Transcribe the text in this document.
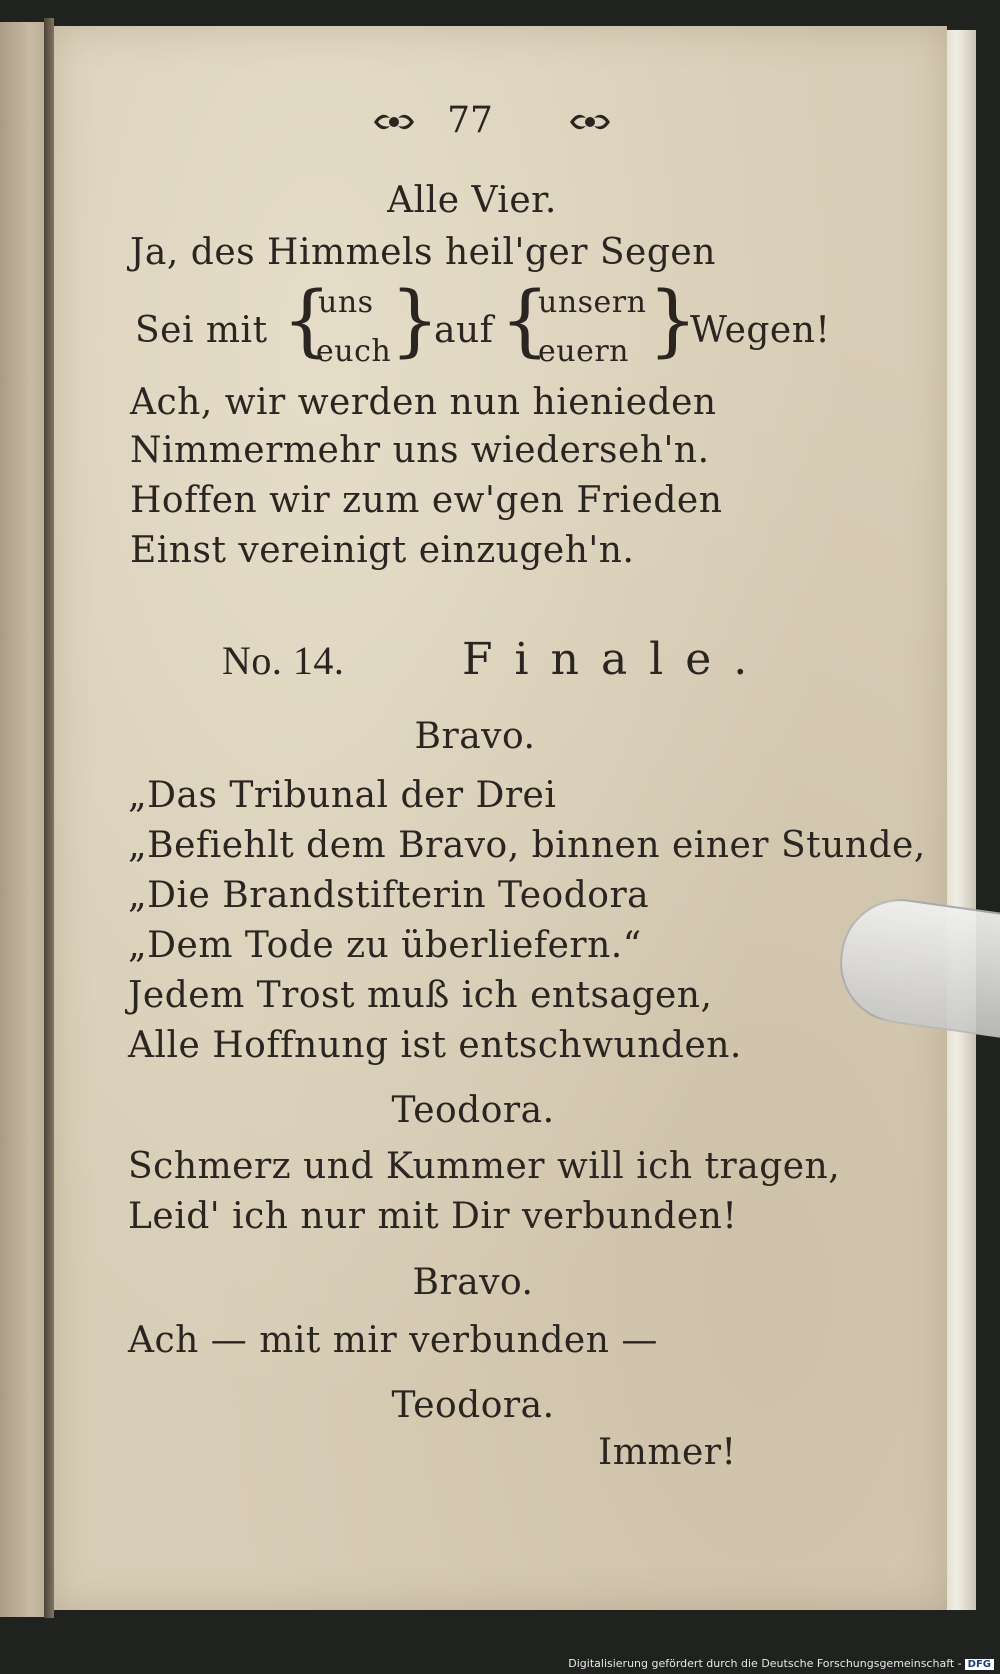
77
Alle Vier.
Ja, des Himmels heil'ger Segen
Sei mit {
uns
euch
}
auf {
unsern
euern }
Wegen!
Ach, wir werden nun hienieden
Nimmermehr uns wiederseh'n.
Hoffen wir zum ew'gen Frieden
Einst vereinigt einzugeh'n.
No. 14.	Finale.
Bravo.
„Das Tribunal der Drei
„Befiehlt dem Bravo, binnen einer Stunde,
„Die Brandstifterin Teodora
„Dem Tode zu überliefern.“
Jedem Trost muß ich entsagen,
Alle Hoffnung ist entschwunden.
Teodora.
Schmerz und Kummer will ich tragen,
Leid' ich nur mit Dir verbunden!
Bravo.
Ach — mit mir verbunden —
Teodora.
Immer!
Digitalisierung gefördert durch die Deutsche Forschungsgemeinschaft - DFG
